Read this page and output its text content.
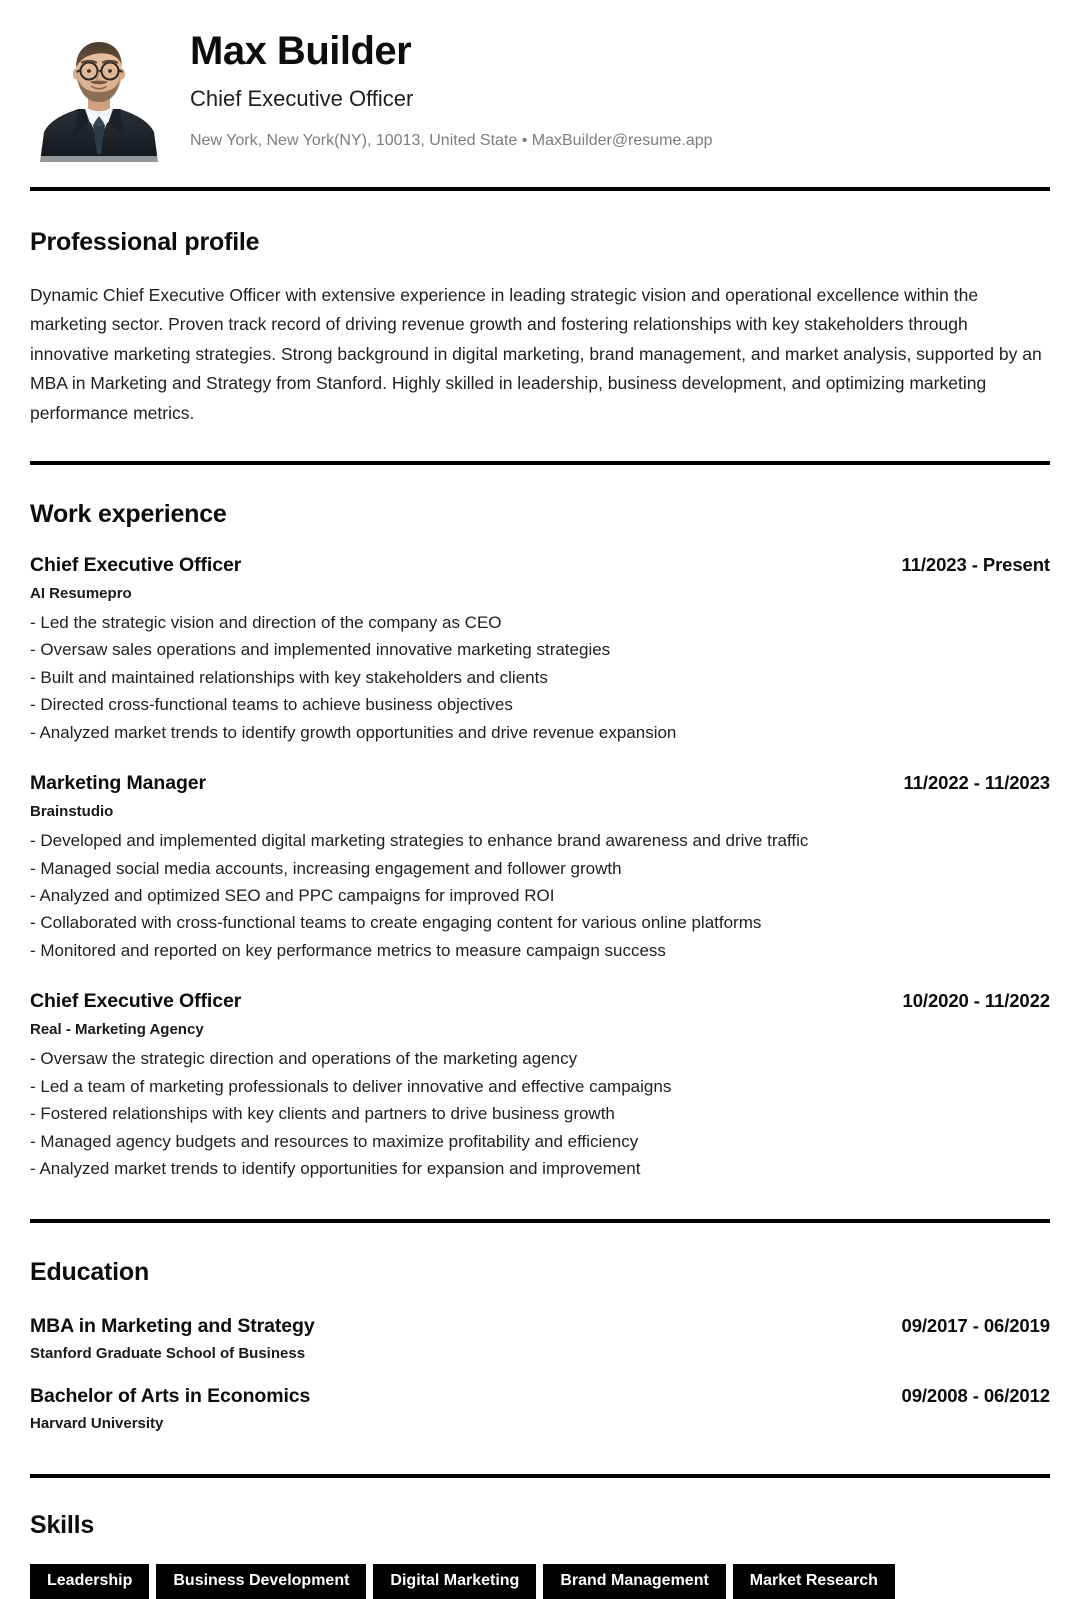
Max Builder
Chief Executive Officer
New York, New York(NY), 10013, United State • MaxBuilder@resume.app
Professional profile

Dynamic Chief Executive Officer with extensive experience in leading strategic vision and operational excellence within the marketing sector. Proven track record of driving revenue growth and fostering relationships with key stakeholders through innovative marketing strategies. Strong background in digital marketing, brand management, and market analysis, supported by an MBA in Marketing and Strategy from Stanford. Highly skilled in leadership, business development, and optimizing marketing performance metrics.

Work experience
Chief Executive Officer	11/2023 - Present
AI Resumepro
- Led the strategic vision and direction of the company as CEO
- Oversaw sales operations and implemented innovative marketing strategies
- Built and maintained relationships with key stakeholders and clients
- Directed cross-functional teams to achieve business objectives
- Analyzed market trends to identify growth opportunities and drive revenue expansion
Marketing Manager	11/2022 - 11/2023
Brainstudio
- Developed and implemented digital marketing strategies to enhance brand awareness and drive traffic
- Managed social media accounts, increasing engagement and follower growth
- Analyzed and optimized SEO and PPC campaigns for improved ROI
- Collaborated with cross-functional teams to create engaging content for various online platforms
- Monitored and reported on key performance metrics to measure campaign success
Chief Executive Officer	10/2020 - 11/2022
Real - Marketing Agency
- Oversaw the strategic direction and operations of the marketing agency
- Led a team of marketing professionals to deliver innovative and effective campaigns
- Fostered relationships with key clients and partners to drive business growth
- Managed agency budgets and resources to maximize profitability and efficiency
- Analyzed market trends to identify opportunities for expansion and improvement
Education
MBA in Marketing and Strategy	09/2017 - 06/2019
Stanford Graduate School of Business
Bachelor of Arts in Economics	09/2008 - 06/2012
Harvard University
Skills
Leadership	Business Development	Digital Marketing	Brand Management	Market Research
